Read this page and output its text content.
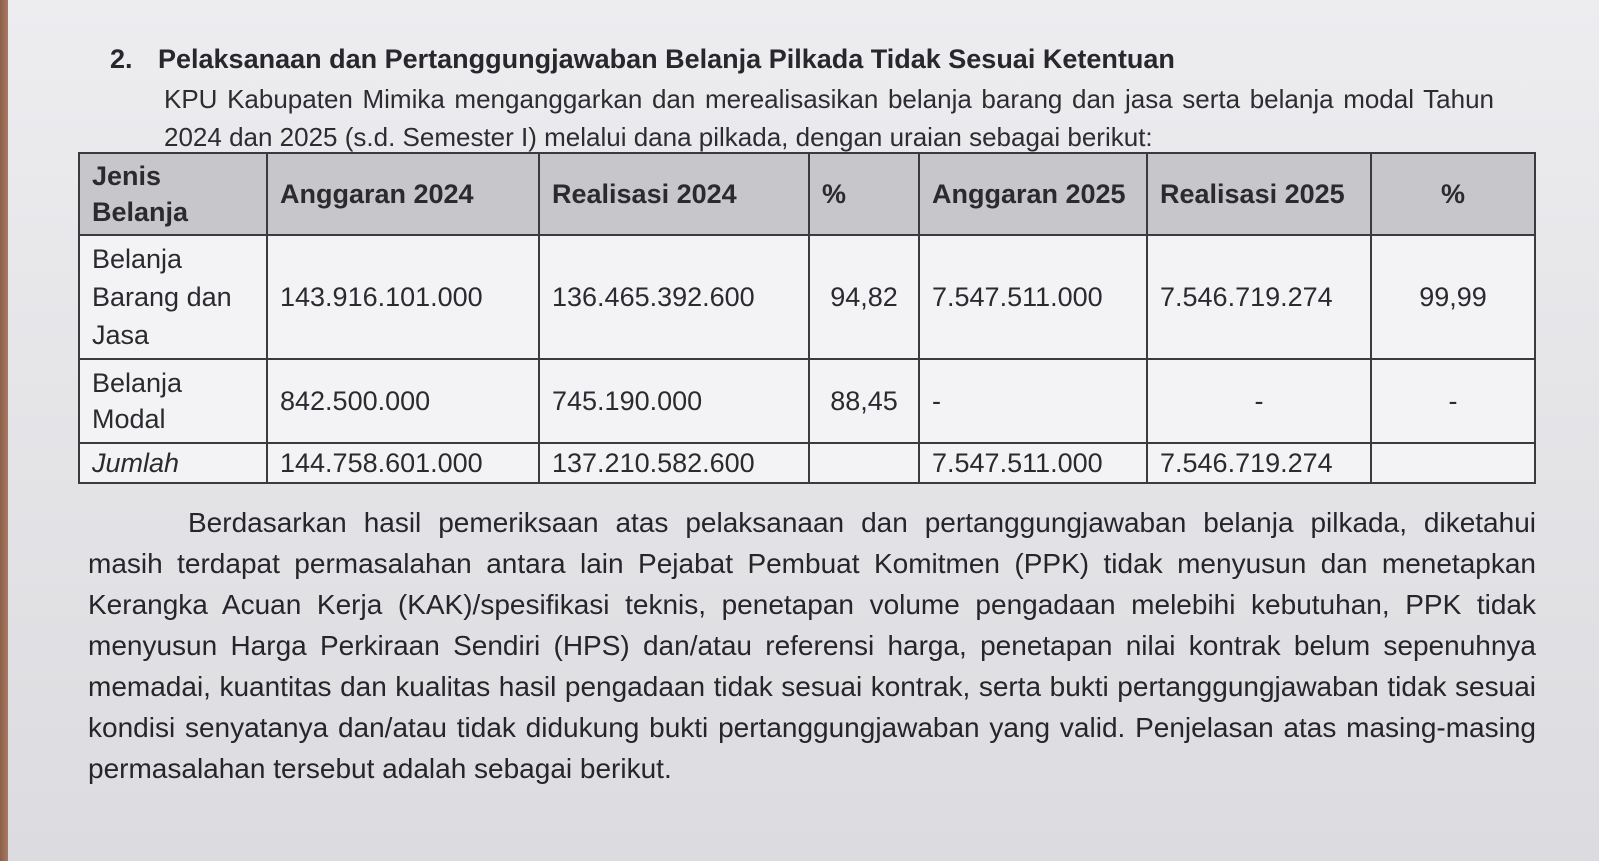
2. Pelaksanaan dan Pertanggungjawaban Belanja Pilkada Tidak Sesuai Ketentuan
KPU Kabupaten Mimika menganggarkan dan merealisasikan belanja barang dan jasa serta belanja modal Tahun 2024 dan 2025 (s.d. Semester I) melalui dana pilkada, dengan uraian sebagai berikut:
Jenis Belanja	Anggaran 2024	Realisasi 2024	%	Anggaran 2025	Realisasi 2025	%
Belanja Barang dan Jasa	143.916.101.000	136.465.392.600	94,82	7.547.511.000	7.546.719.274	99,99
Belanja Modal	842.500.000	745.190.000	88,45	-	-	-
Jumlah	144.758.601.000	137.210.582.600		7.547.511.000	7.546.719.274	
Berdasarkan hasil pemeriksaan atas pelaksanaan dan pertanggungjawaban belanja pilkada, diketahui masih terdapat permasalahan antara lain Pejabat Pembuat Komitmen (PPK) tidak menyusun dan menetapkan Kerangka Acuan Kerja (KAK)/spesifikasi teknis, penetapan volume pengadaan melebihi kebutuhan, PPK tidak menyusun Harga Perkiraan Sendiri (HPS) dan/atau referensi harga, penetapan nilai kontrak belum sepenuhnya memadai, kuantitas dan kualitas hasil pengadaan tidak sesuai kontrak, serta bukti pertanggungjawaban tidak sesuai kondisi senyatanya dan/atau tidak didukung bukti pertanggungjawaban yang valid. Penjelasan atas masing-masing permasalahan tersebut adalah sebagai berikut.
